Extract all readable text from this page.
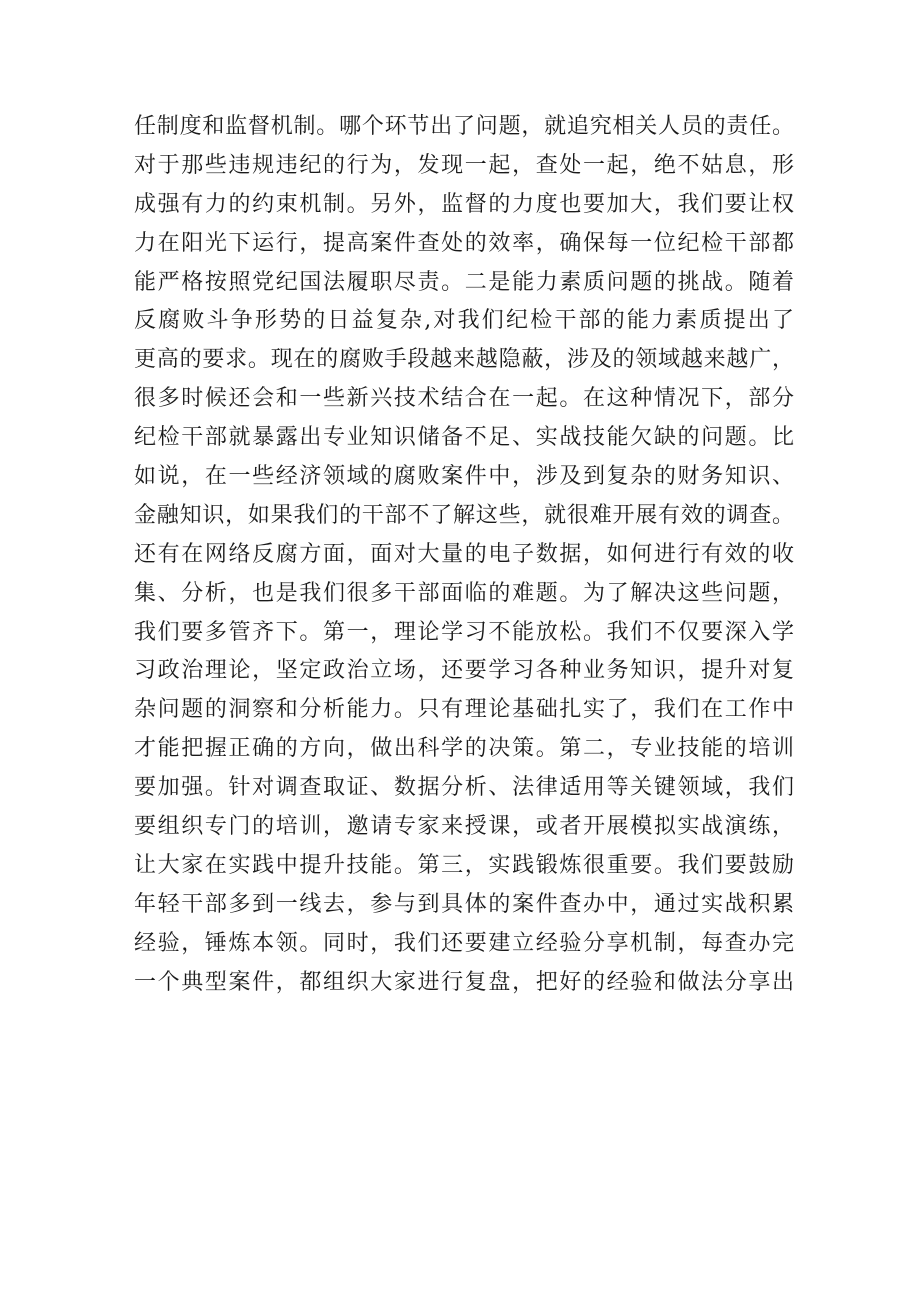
任制度和监督机制。哪个环节出了问题，就追究相关人员的责任。
对于那些违规违纪的行为，发现一起，查处一起，绝不姑息，形
成强有力的约束机制。另外，监督的力度也要加大，我们要让权
力在阳光下运行，提高案件查处的效率，确保每一位纪检干部都
能严格按照党纪国法履职尽责。二是能力素质问题的挑战。随着
反腐败斗争形势的日益复杂,对我们纪检干部的能力素质提出了
更高的要求。现在的腐败手段越来越隐蔽，涉及的领域越来越广，
很多时候还会和一些新兴技术结合在一起。在这种情况下，部分
纪检干部就暴露出专业知识储备不足、实战技能欠缺的问题。比
如说，在一些经济领域的腐败案件中，涉及到复杂的财务知识、
金融知识，如果我们的干部不了解这些，就很难开展有效的调查。
还有在网络反腐方面，面对大量的电子数据，如何进行有效的收
集、分析，也是我们很多干部面临的难题。为了解决这些问题，
我们要多管齐下。第一，理论学习不能放松。我们不仅要深入学
习政治理论，坚定政治立场，还要学习各种业务知识，提升对复
杂问题的洞察和分析能力。只有理论基础扎实了，我们在工作中
才能把握正确的方向，做出科学的决策。第二，专业技能的培训
要加强。针对调查取证、数据分析、法律适用等关键领域，我们
要组织专门的培训，邀请专家来授课，或者开展模拟实战演练，
让大家在实践中提升技能。第三，实践锻炼很重要。我们要鼓励
年轻干部多到一线去，参与到具体的案件查办中，通过实战积累
经验，锤炼本领。同时，我们还要建立经验分享机制，每查办完
一个典型案件，都组织大家进行复盘，把好的经验和做法分享出
